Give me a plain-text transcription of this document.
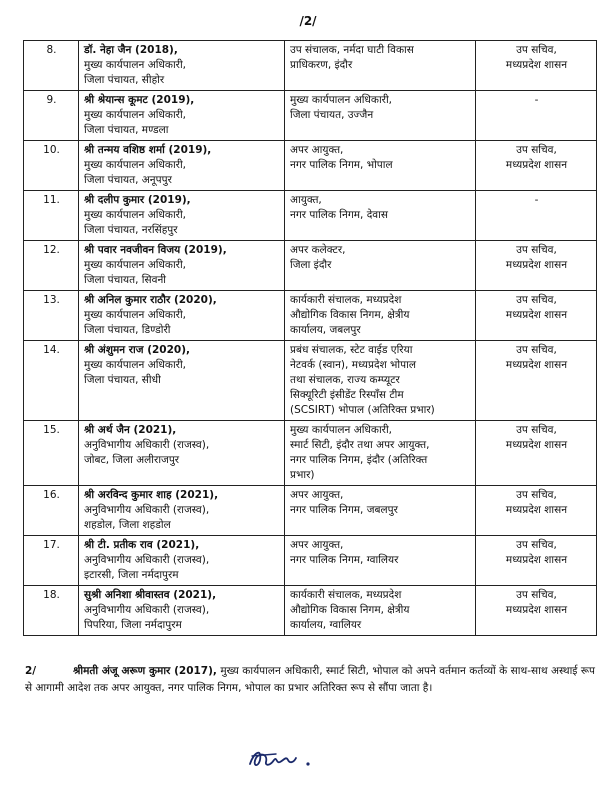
/2/
8.	डॉ. नेहा जैन (2018),
मुख्य कार्यपालन अधिकारी,
जिला पंचायत, सीहोर	उप संचालक, नर्मदा घाटी विकास
प्राधिकरण, इंदौर	उप सचिव,
मध्यप्रदेश शासन

9.	श्री श्रेयान्स कूमट (2019),
मुख्य कार्यपालन अधिकारी,
जिला पंचायत, मण्डला	मुख्य कार्यपालन अधिकारी,
जिला पंचायत, उज्जैन	-

10.	श्री तन्मय वशिष्ठ शर्मा (2019),
मुख्य कार्यपालन अधिकारी,
जिला पंचायत, अनूपपुर	अपर आयुक्त,
नगर पालिक निगम, भोपाल	उप सचिव,
मध्यप्रदेश शासन

11.	श्री दलीप कुमार (2019),
मुख्य कार्यपालन अधिकारी,
जिला पंचायत, नरसिंहपुर	आयुक्त,
नगर पालिक निगम, देवास	-

12.	श्री पवार नवजीवन विजय (2019),
मुख्य कार्यपालन अधिकारी,
जिला पंचायत, सिवनी	अपर कलेक्टर,
जिला इंदौर	उप सचिव,
मध्यप्रदेश शासन

13.	श्री अनिल कुमार राठौर (2020),
मुख्य कार्यपालन अधिकारी,
जिला पंचायत, डिण्डोरी	कार्यकारी संचालक, मध्यप्रदेश
औद्योगिक विकास निगम, क्षेत्रीय
कार्यालय, जबलपुर	उप सचिव,
मध्यप्रदेश शासन

14.	श्री अंशुमन राज (2020),
मुख्य कार्यपालन अधिकारी,
जिला पंचायत, सीधी	प्रबंध संचालक, स्टेट वाईड एरिया
नेटवर्क (स्वान), मध्यप्रदेश भोपाल
तथा संचालक, राज्य कम्प्यूटर
सिक्यूरिटी इंसीडेंट रिस्पॉंस टीम
(SCSIRT) भोपाल (अतिरिक्त प्रभार)	उप सचिव,
मध्यप्रदेश शासन

15.	श्री अर्थ जैन (2021),
अनुविभागीय अधिकारी (राजस्व),
जोबट, जिला अलीराजपुर	मुख्य कार्यपालन अधिकारी,
स्मार्ट सिटी, इंदौर तथा अपर आयुक्त,
नगर पालिक निगम, इंदौर (अतिरिक्त
प्रभार)	उप सचिव,
मध्यप्रदेश शासन

16.	श्री अरविन्द कुमार शाह (2021),
अनुविभागीय अधिकारी (राजस्व),
शहडोल, जिला शहडोल	अपर आयुक्त,
नगर पालिक निगम, जबलपुर	उप सचिव,
मध्यप्रदेश शासन

17.	श्री टी. प्रतीक राव (2021),
अनुविभागीय अधिकारी (राजस्व),
इटारसी, जिला नर्मदापुरम	अपर आयुक्त,
नगर पालिक निगम, ग्वालियर	उप सचिव,
मध्यप्रदेश शासन

18.	सुश्री अनिशा श्रीवास्तव (2021),
अनुविभागीय अधिकारी (राजस्व),
पिपरिया, जिला नर्मदापुरम	कार्यकारी संचालक, मध्यप्रदेश
औद्योगिक विकास निगम, क्षेत्रीय
कार्यालय, ग्वालियर	उप सचिव,
मध्यप्रदेश शासन
2/	श्रीमती अंजू अरूण कुमार (2017), मुख्य कार्यपालन अधिकारी, स्मार्ट सिटी, भोपाल को अपने वर्तमान कर्तव्यों के साथ-साथ अस्थाई रूप से आगामी आदेश तक अपर आयुक्त, नगर पालिक निगम, भोपाल का प्रभार अतिरिक्त रूप से सौंपा जाता है।
